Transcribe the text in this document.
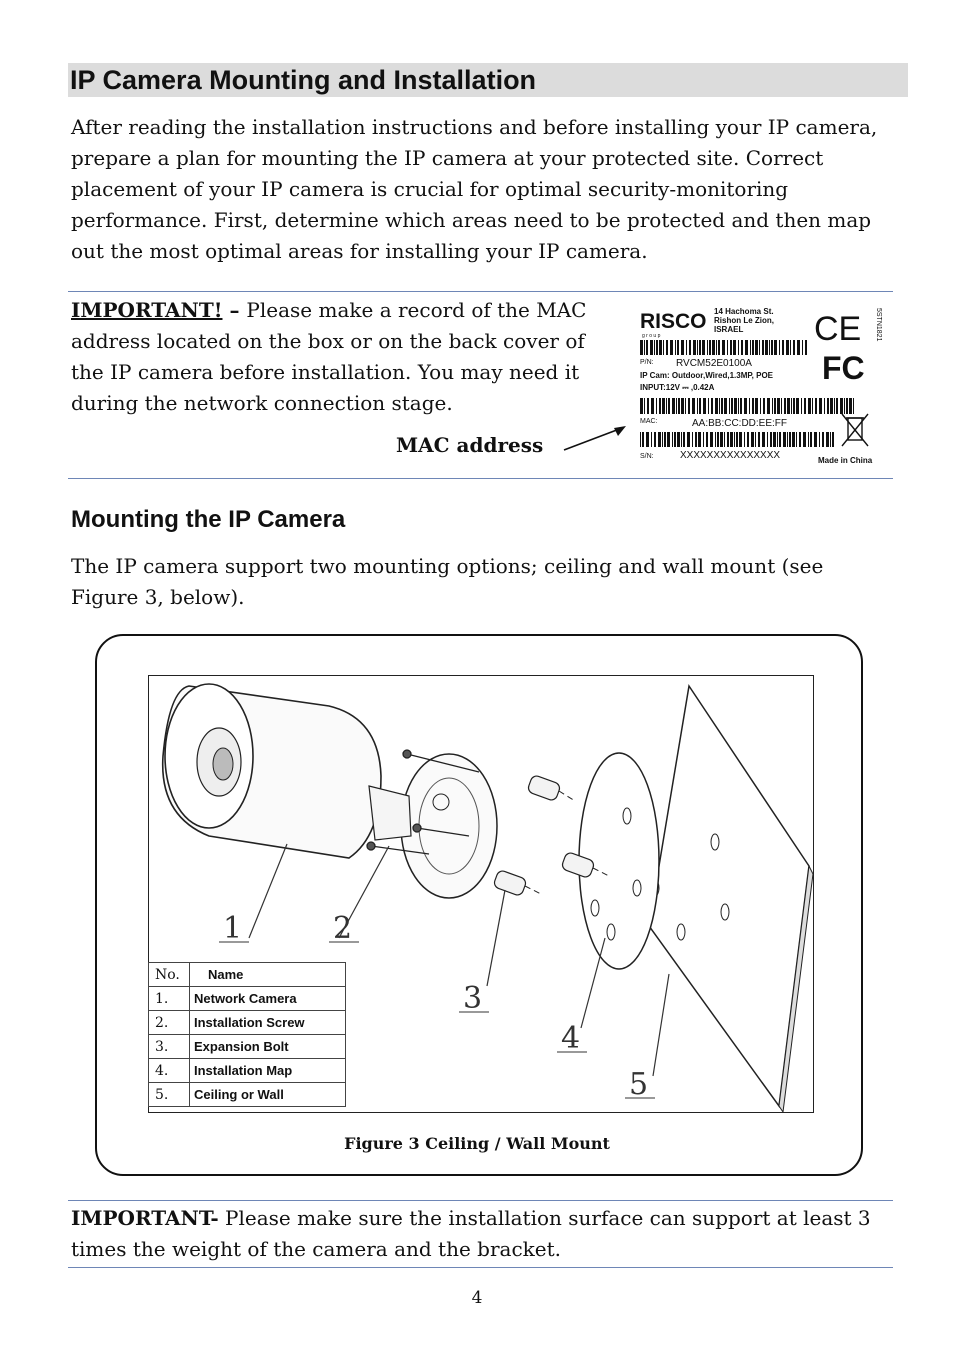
IP Camera Mounting and Installation

After reading the installation instructions and before installing your IP camera, prepare a plan for mounting the IP camera at your protected site. Correct placement of your IP camera is crucial for optimal security-monitoring performance. First, determine which areas need to be protected and then map out the most optimal areas for installing your IP camera.

IMPORTANT! – Please make a record of the MAC address located on the box or on the back cover of the IP camera before installation. You may need it during the network connection stage.

MAC address
RISCO
g r o u p
14 Hachoma St.
Rishon Le Zion,
ISRAEL	5STN1821
CE
FC
P/N: RVCM52E0100A
IP Cam: Outdoor,Wired,1.3MP, POE
INPUT:12V ⎓ ,0.42A
MAC:	AA:BB:CC:DD:EE:FF
S/N:	XXXXXXXXXXXXXXX	Made in China
Mounting the IP Camera

The IP camera support two mounting options; ceiling and wall mount (see Figure 3, below).

1	2
3
4
5
No.	Name
1.	Network Camera
2.	Installation Screw
3.	Expansion Bolt
4.	Installation Map
5.	Ceiling or Wall
Figure 3 Ceiling / Wall Mount

IMPORTANT- Please make sure the installation surface can support at least 3 times the weight of the camera and the bracket.

4
